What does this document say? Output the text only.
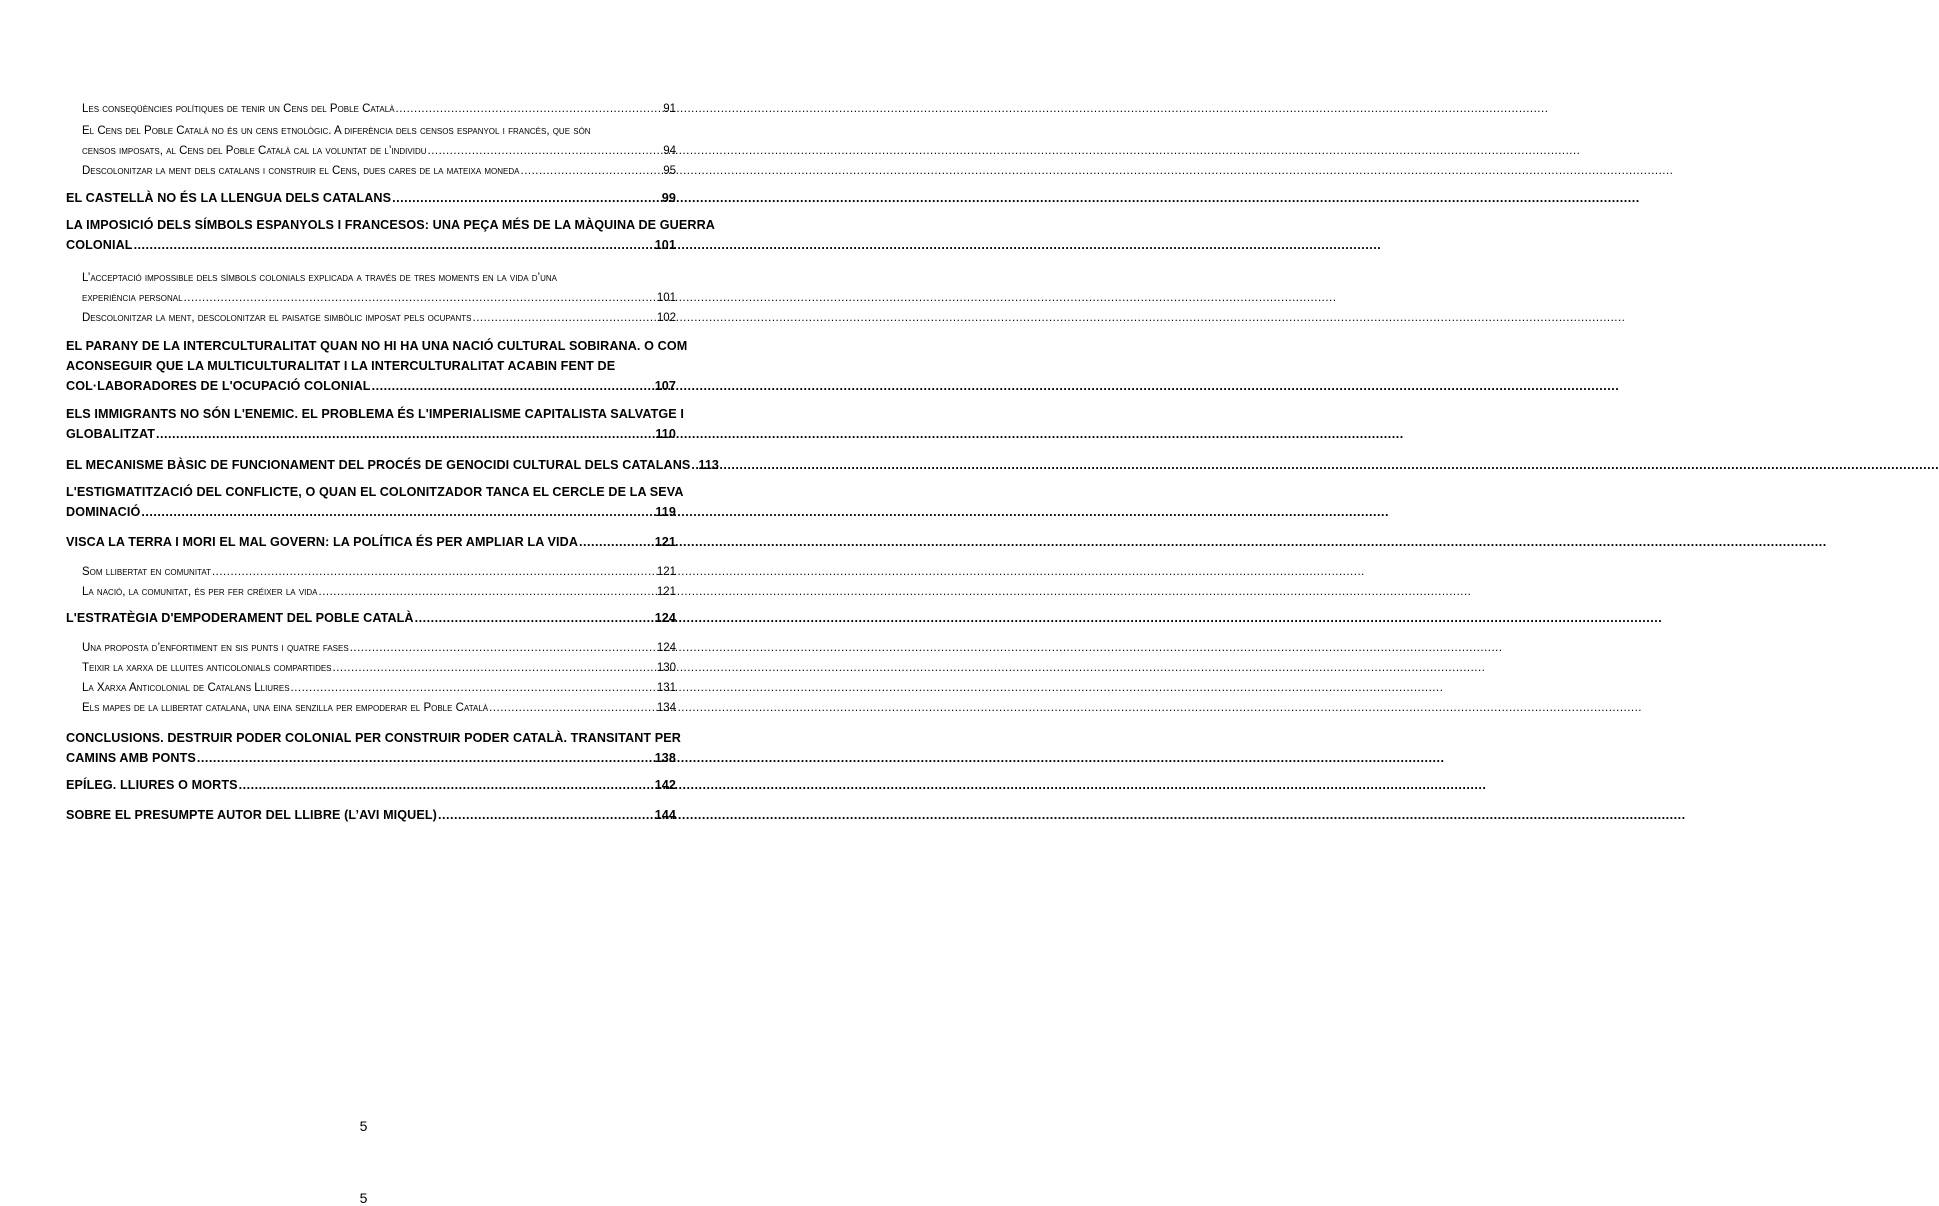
Les conseqüències polítiques de tenir un Cens del Poble Català .....	91
El Cens del Poble Català no és un cens etnològic. A diferència dels censos espanyol i francès, que són
censos imposats, al Cens del Poble Català cal la voluntat de l’individu .....	94
Descolonitzar la ment dels catalans i construir el Cens, dues cares de la mateixa moneda .....	95
EL CASTELLÀ NO ÉS LA LLENGUA DELS CATALANS .....	99
LA IMPOSICIÓ DELS SÍMBOLS ESPANYOLS I FRANCESOS: UNA PEÇA MÉS DE LA MÀQUINA DE GUERRA
COLONIAL .....	101
L’acceptació impossible dels símbols colonials explicada a través de tres moments en la vida d’una
experiència personal .....	101
Descolonitzar la ment, descolonitzar el paisatge simbòlic imposat pels ocupants .....	102
EL PARANY DE LA INTERCULTURALITAT QUAN NO HI HA UNA NACIÓ CULTURAL SOBIRANA. O COM
ACONSEGUIR QUE LA MULTICULTURALITAT I LA INTERCULTURALITAT ACABIN FENT DE
COL·LABORADORES DE L'OCUPACIÓ COLONIAL .....	107
ELS IMMIGRANTS NO SÓN L'ENEMIC. EL PROBLEMA ÉS L'IMPERIALISME CAPITALISTA SALVATGE I
GLOBALITZAT .....	110
EL MECANISME BÀSIC DE FUNCIONAMENT DEL PROCÉS DE GENOCIDI CULTURAL DELS CATALANS ..... 113
L'ESTIGMATITZACIÓ DEL CONFLICTE, O QUAN EL COLONITZADOR TANCA EL CERCLE DE LA SEVA
DOMINACIÓ .....	119
VISCA LA TERRA I MORI EL MAL GOVERN: LA POLÍTICA ÉS PER AMPLIAR LA VIDA .....	121
Som llibertat en comunitat .....	121
La nació, la comunitat, és per fer créixer la vida .....	121
L'ESTRATÈGIA D'EMPODERAMENT DEL POBLE CATALÀ .....	124
Una proposta d’enfortiment en sis punts i quatre fases .....	124
Teixir la xarxa de lluites anticolonials compartides .....	130
La Xarxa Anticolonial de Catalans Lliures .....	131
Els mapes de la llibertat catalana, una eina senzilla per empoderar el Poble Català .....	134
CONCLUSIONS. DESTRUIR PODER COLONIAL PER CONSTRUIR PODER CATALÀ. TRANSITANT PER
CAMINS AMB PONTS .....	138
EPÍLEG. LLIURES O MORTS .....	142
SOBRE EL PRESUMPTE AUTOR DEL LLIBRE (L’AVI MIQUEL) .....	144
5
5
